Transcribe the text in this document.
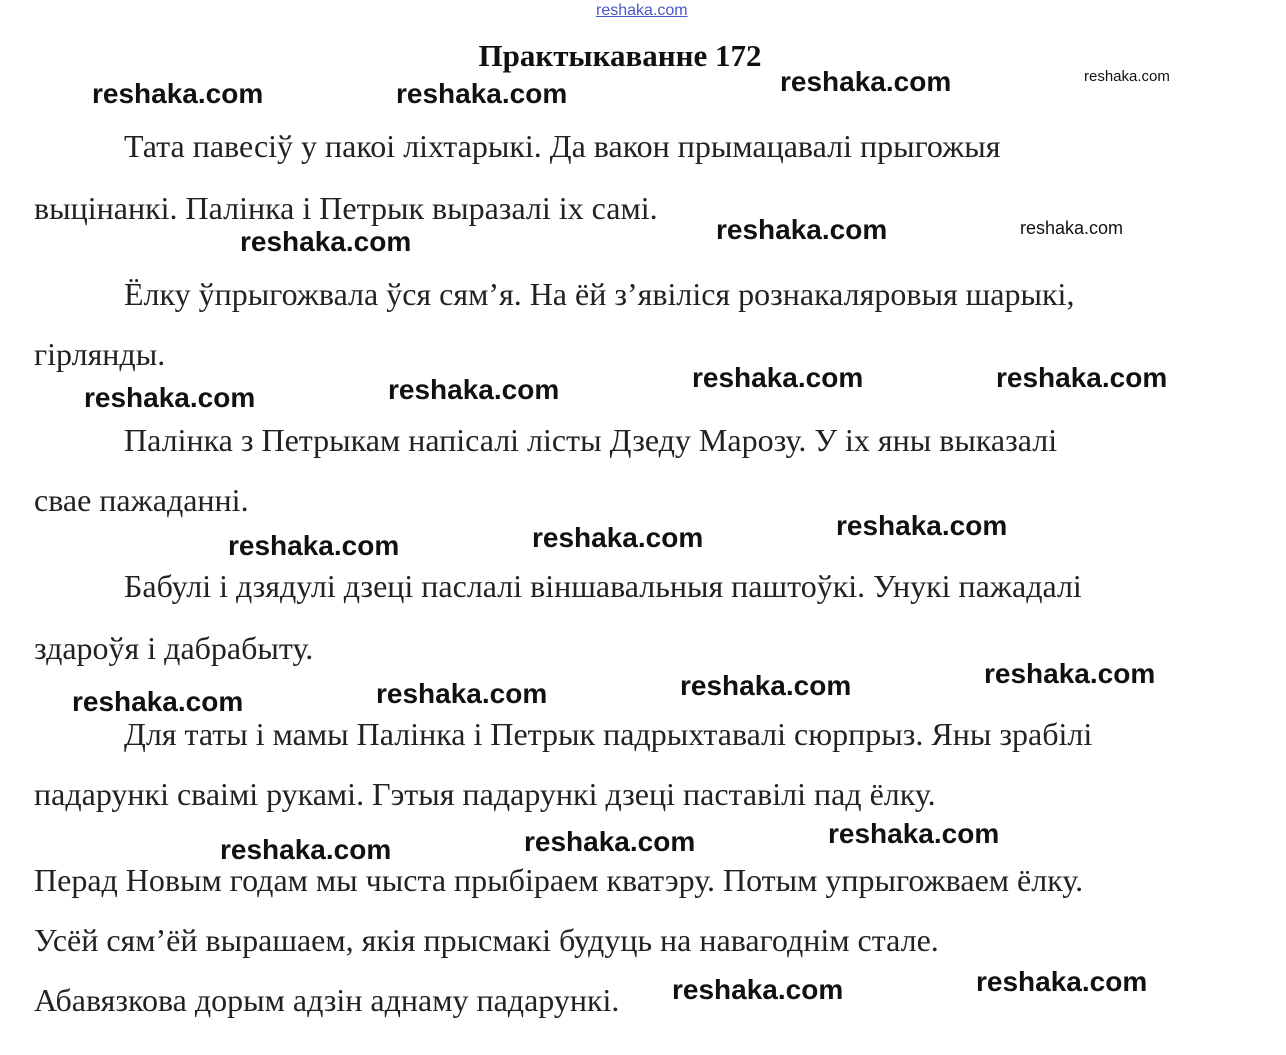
reshaka.com
Практыкаванне 172
Тата павесіў у пакоі ліхтарыкі. Да вакон прымацавалі прыгожыя
выцінанкі. Палінка і Петрык выразалі іх самі.
Ёлку ўпрыгожвала ўся сям’я. На ёй з’явіліся рознакаляровыя шарыкі,
гірлянды.
Палінка з Петрыкам напісалі лісты Дзеду Марозу. У іх яны выказалі
свае пажаданні.
Бабулі і дзядулі дзеці паслалі віншавальныя паштоўкі. Унукі пажадалі
здароўя і дабрабыту.
Для таты і мамы Палінка і Петрык падрыхтавалі сюрпрыз. Яны зрабілі
падарункі сваімі рукамі. Гэтыя падарункі дзеці паставілі пад ёлку.
Перад Новым годам мы чыста прыбіраем кватэру. Потым упрыгожваем ёлку.
Усёй сям’ёй вырашаем, якія прысмакі будуць на навагоднім стале.
Абавязкова дорым адзін аднаму падарункі.
reshaka.com	reshaka.com	reshaka.com	reshaka.com
reshaka.com	reshaka.com	reshaka.com
reshaka.com	reshaka.com	reshaka.com	reshaka.com
reshaka.com	reshaka.com	reshaka.com
reshaka.com	reshaka.com	reshaka.com	reshaka.com
reshaka.com	reshaka.com	reshaka.com
reshaka.com	reshaka.com
